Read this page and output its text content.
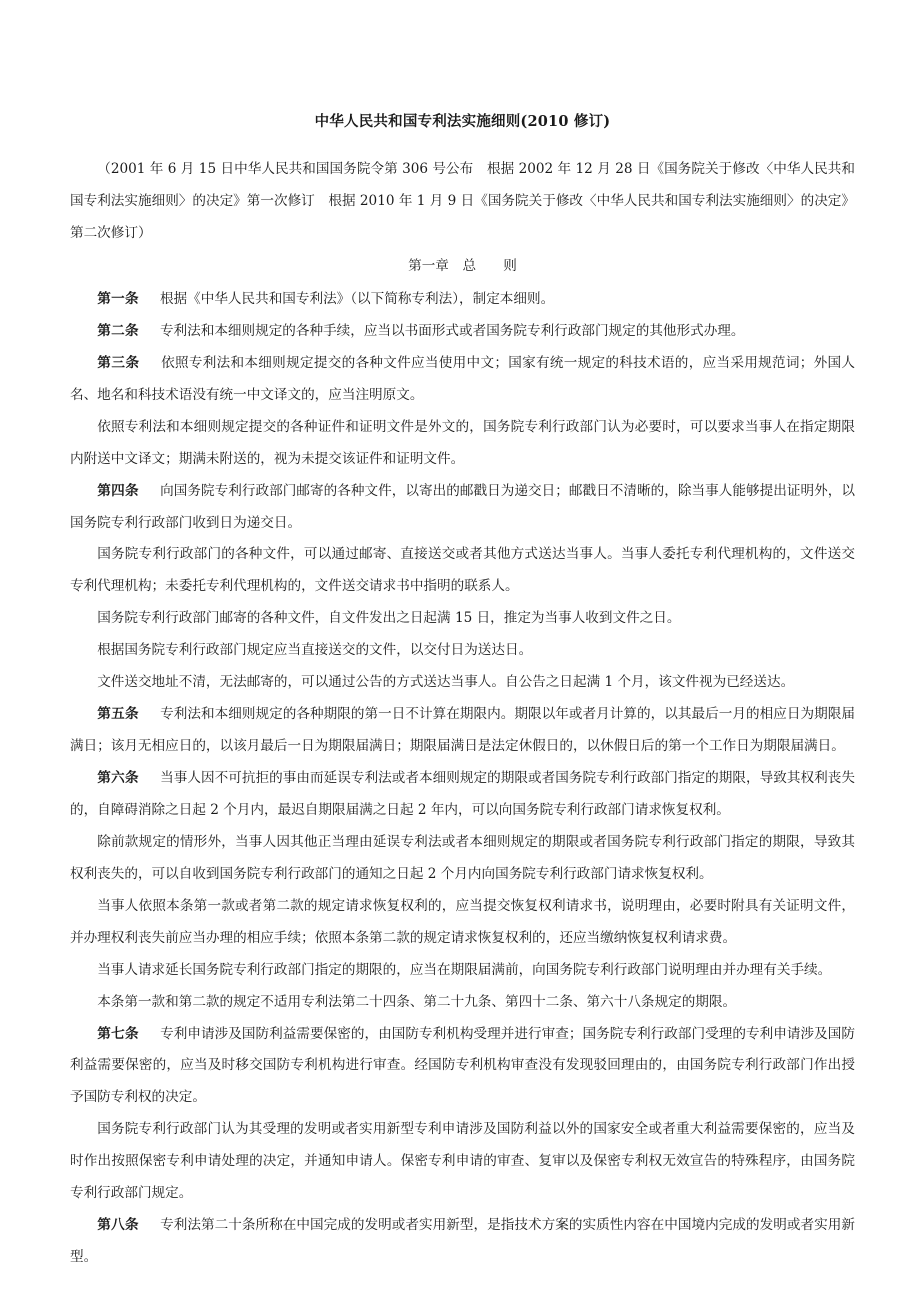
中华人民共和国专利法实施细则(2010 修订)

（2001 年 6 月 15 日中华人民共和国国务院令第 306 号公布　根据 2002 年 12 月 28 日《国务院关于修改〈中华人民共和国专利法实施细则〉的决定》第一次修订　根据 2010 年 1 月 9 日《国务院关于修改〈中华人民共和国专利法实施细则〉的决定》第二次修订）

第一章　总　　则

第一条 根据《中华人民共和国专利法》（以下简称专利法），制定本细则。

第二条 专利法和本细则规定的各种手续，应当以书面形式或者国务院专利行政部门规定的其他形式办理。

第三条 依照专利法和本细则规定提交的各种文件应当使用中文；国家有统一规定的科技术语的，应当采用规范词；外国人名、地名和科技术语没有统一中文译文的，应当注明原文。

依照专利法和本细则规定提交的各种证件和证明文件是外文的，国务院专利行政部门认为必要时，可以要求当事人在指定期限内附送中文译文；期满未附送的，视为未提交该证件和证明文件。

第四条 向国务院专利行政部门邮寄的各种文件，以寄出的邮戳日为递交日；邮戳日不清晰的，除当事人能够提出证明外，以国务院专利行政部门收到日为递交日。

国务院专利行政部门的各种文件，可以通过邮寄、直接送交或者其他方式送达当事人。当事人委托专利代理机构的，文件送交专利代理机构；未委托专利代理机构的，文件送交请求书中指明的联系人。

国务院专利行政部门邮寄的各种文件，自文件发出之日起满 15 日，推定为当事人收到文件之日。

根据国务院专利行政部门规定应当直接送交的文件，以交付日为送达日。

文件送交地址不清，无法邮寄的，可以通过公告的方式送达当事人。自公告之日起满 1 个月，该文件视为已经送达。

第五条 专利法和本细则规定的各种期限的第一日不计算在期限内。期限以年或者月计算的，以其最后一月的相应日为期限届满日；该月无相应日的，以该月最后一日为期限届满日；期限届满日是法定休假日的，以休假日后的第一个工作日为期限届满日。

第六条 当事人因不可抗拒的事由而延误专利法或者本细则规定的期限或者国务院专利行政部门指定的期限，导致其权利丧失的，自障碍消除之日起 2 个月内，最迟自期限届满之日起 2 年内，可以向国务院专利行政部门请求恢复权利。

除前款规定的情形外，当事人因其他正当理由延误专利法或者本细则规定的期限或者国务院专利行政部门指定的期限，导致其权利丧失的，可以自收到国务院专利行政部门的通知之日起 2 个月内向国务院专利行政部门请求恢复权利。

当事人依照本条第一款或者第二款的规定请求恢复权利的，应当提交恢复权利请求书，说明理由，必要时附具有关证明文件，并办理权利丧失前应当办理的相应手续；依照本条第二款的规定请求恢复权利的，还应当缴纳恢复权利请求费。

当事人请求延长国务院专利行政部门指定的期限的，应当在期限届满前，向国务院专利行政部门说明理由并办理有关手续。

本条第一款和第二款的规定不适用专利法第二十四条、第二十九条、第四十二条、第六十八条规定的期限。

第七条 专利申请涉及国防利益需要保密的，由国防专利机构受理并进行审查；国务院专利行政部门受理的专利申请涉及国防利益需要保密的，应当及时移交国防专利机构进行审查。经国防专利机构审查没有发现驳回理由的，由国务院专利行政部门作出授予国防专利权的决定。

国务院专利行政部门认为其受理的发明或者实用新型专利申请涉及国防利益以外的国家安全或者重大利益需要保密的，应当及时作出按照保密专利申请处理的决定，并通知申请人。保密专利申请的审查、复审以及保密专利权无效宣告的特殊程序，由国务院专利行政部门规定。

第八条 专利法第二十条所称在中国完成的发明或者实用新型，是指技术方案的实质性内容在中国境内完成的发明或者实用新型。
